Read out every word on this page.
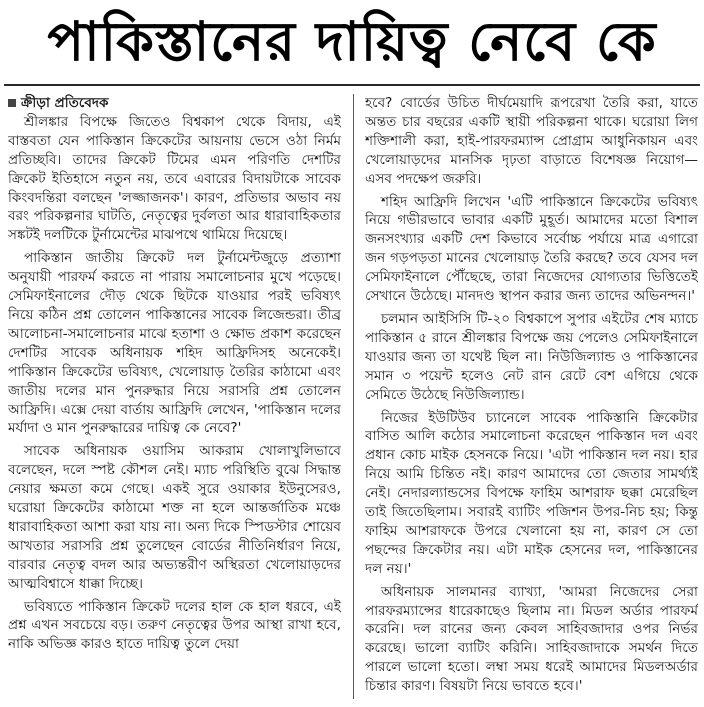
পাকিস্তানের দায়িত্ব নেবে কে

ক্রীড়া প্রতিবেদক

শ্রীলঙ্কার বিপক্ষে জিতেও বিশ্বকাপ থেকে বিদায়, এই বাস্তবতা যেন পাকিস্তান ক্রিকেটের আয়নায় ভেসে ওঠা নির্মম প্রতিচ্ছবি। তাদের ক্রিকেট টিমের এমন পরিণতি দেশটির ক্রিকেট ইতিহাসে নতুন নয়, তবে এবারের বিদায়টাকে সাবেক কিংবদন্তিরা বলছেন 'লজ্জাজনক'। কারণ, প্রতিভার অভাব নয় বরং পরিকল্পনার ঘাটতি, নেতৃত্বের দুর্বলতা আর ধারাবাহিকতার সঙ্কটই দলটিকে টুর্নামেন্টের মাঝপথে থামিয়ে দিয়েছে।

পাকিস্তান জাতীয় ক্রিকেট দল টুর্নামেন্টজুড়ে প্রত্যাশা অনুযায়ী পারফর্ম করতে না পারায় সমালোচনার মুখে পড়েছে। সেমিফাইনালের দৌড় থেকে ছিটকে যাওয়ার পরই ভবিষ্যৎ নিয়ে কঠিন প্রশ্ন তোলেন পাকিস্তানের সাবেক লিজেন্ডরা। তীব্র আলোচনা-সমালোচনার মাঝে হতাশা ও ক্ষোভ প্রকাশ করেছেন দেশটির সাবেক অধিনায়ক শহিদ আফ্রিদিসহ অনেকেই। পাকিস্তান ক্রিকেটের ভবিষ্যৎ, খেলোয়াড় তৈরির কাঠামো এবং জাতীয় দলের মান পুনরুদ্ধার নিয়ে সরাসরি প্রশ্ন তোলেন আফ্রিদি। এক্সে দেয়া বার্তায় আফ্রিদি লেখেন, 'পাকিস্তান দলের মর্যাদা ও মান পুনরুদ্ধারের দায়িত্ব কে নেবে?'

সাবেক অধিনায়ক ওয়াসিম আকরাম খোলাখুলিভাবে বলেছেন, দলে স্পষ্ট কৌশল নেই। ম্যাচ পরিস্থিতি বুঝে সিদ্ধান্ত নেয়ার ক্ষমতা কমে গেছে। একই সুরে ওয়াকার ইউনুসেরও, ঘরোয়া ক্রিকেটের কাঠামো শক্ত না হলে আন্তর্জাতিক মঞ্চে ধারাবাহিকতা আশা করা যায় না। অন্য দিকে স্পিডস্টার শোয়েব আখতার সরাসরি প্রশ্ন তুলেছেন বোর্ডের নীতিনির্ধারণ নিয়ে, বারবার নেতৃত্ব বদল আর অভ্যন্তরীণ অস্থিরতা খেলোয়াড়দের আত্মবিশ্বাসে ধাক্কা দিচ্ছে।

ভবিষ্যতে পাকিস্তান ক্রিকেট দলের হাল কে হাল ধরবে, এই প্রশ্ন এখন সবচেয়ে বড়। তরুণ নেতৃত্বের উপর আস্থা রাখা হবে, নাকি অভিজ্ঞ কারও হাতে দায়িত্ব তুলে দেয়া

হবে? বোর্ডের উচিত দীর্ঘমেয়াদি রূপরেখা তৈরি করা, যাতে অন্তত চার বছরের একটি স্থায়ী পরিকল্পনা থাকে। ঘরোয়া লিগ শক্তিশালী করা, হাই-পারফরম্যান্স প্রোগ্রাম আধুনিকায়ন এবং খেলোয়াড়দের মানসিক দৃঢ়তা বাড়াতে বিশেষজ্ঞ নিয়োগ—এসব পদক্ষেপ জরুরি।

শহিদ আফ্রিদি লিখেন 'এটি পাকিস্তানে ক্রিকেটের ভবিষ্যৎ নিয়ে গভীরভাবে ভাবার একটি মুহূর্ত। আমাদের মতো বিশাল জনসংখ্যার একটি দেশ কিভাবে সর্বোচ্চ পর্যায়ে মাত্র এগারো জন গড়পড়তা মানের খেলোয়াড় তৈরি করছে? তবে যেসব দল সেমিফাইনালে পৌঁছেছে, তারা নিজেদের যোগ্যতার ভিত্তিতেই সেখানে উঠেছে। মানদণ্ড স্থাপন করার জন্য তাদের অভিনন্দন।'

চলমান আইসিসি টি-২০ বিশ্বকাপে সুপার এইটের শেষ ম্যাচে পাকিস্তান ৫ রানে শ্রীলঙ্কার বিপক্ষে জয় পেলেও সেমিফাইনালে যাওয়ার জন্য তা যথেষ্ট ছিল না। নিউজিল্যান্ড ও পাকিস্তানের সমান ৩ পয়েন্ট হলেও নেট রান রেটে বেশ এগিয়ে থেকে সেমিতে উঠেছে নিউজিল্যান্ড।

নিজের ইউটিউব চ্যানেলে সাবেক পাকিস্তানি ক্রিকেটার বাসিত আলি কঠোর সমালোচনা করেছেন পাকিস্তান দল এবং প্রধান কোচ মাইক হেসনকে নিয়ে। 'এটা পাকিস্তান দল নয়। হার নিয়ে আমি চিন্তিত নই। কারণ আমাদের তো জেতার সামর্থ্যই নেই। নেদারল্যান্ডসের বিপক্ষে ফাহিম আশরাফ ছক্কা মেরেছিল তাই জিতেছিলাম। সবারই ব্যাটিং পজিশন উপর-নিচ হয়; কিন্তু ফাহিম আশরাফকে উপরে খেলানো হয় না, কারণ সে তো পছন্দের ক্রিকেটার নয়। এটা মাইক হেসনের দল, পাকিস্তানের দল নয়।'

অধিনায়ক সালমানর ব্যাখ্যা, 'আমরা নিজেদের সেরা পারফরম্যান্সের ধারেকাছেও ছিলাম না। মিডল অর্ডার পারফর্ম করেনি। দল রানের জন্য কেবল সাহিবজাদার ওপর নির্ভর করেছে। ভালো ব্যাটিং করিনি। সাহিবজাদাকে সমর্থন দিতে পারলে ভালো হতো। লম্বা সময় ধরেই আমাদের মিডলঅর্ডার চিন্তার কারণ। বিষয়টা নিয়ে ভাবতে হবে।'
